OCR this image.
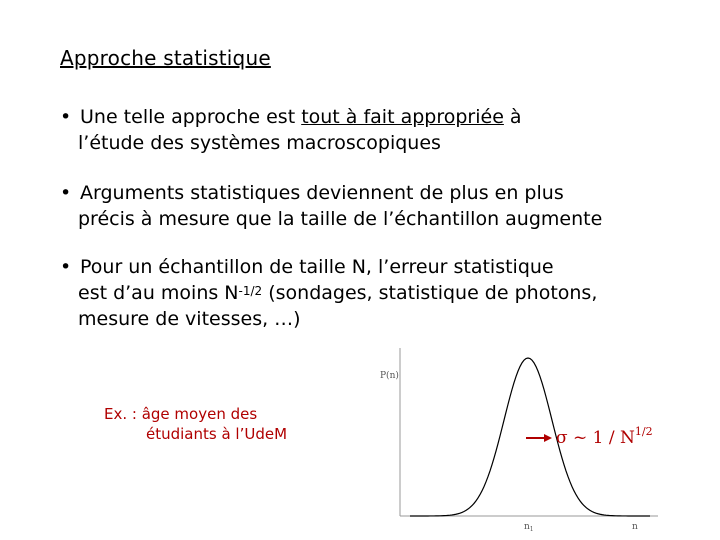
Approche statistique
• Une telle approche est tout à fait appropriée à
l’étude des systèmes macroscopiques
• Arguments statistiques deviennent de plus en plus
précis à mesure que la taille de l’échantillon augmente
• Pour un échantillon de taille N, l’erreur statistique
est d’au moins $N^{-1/2}$ (sondages, statistique de photons,
mesure de vitesses, …)
Ex. : âge moyen des
étudiants à l’UdeM
P(n)
n
$n_1$
σ ~ $1 / N^{1/2}$
